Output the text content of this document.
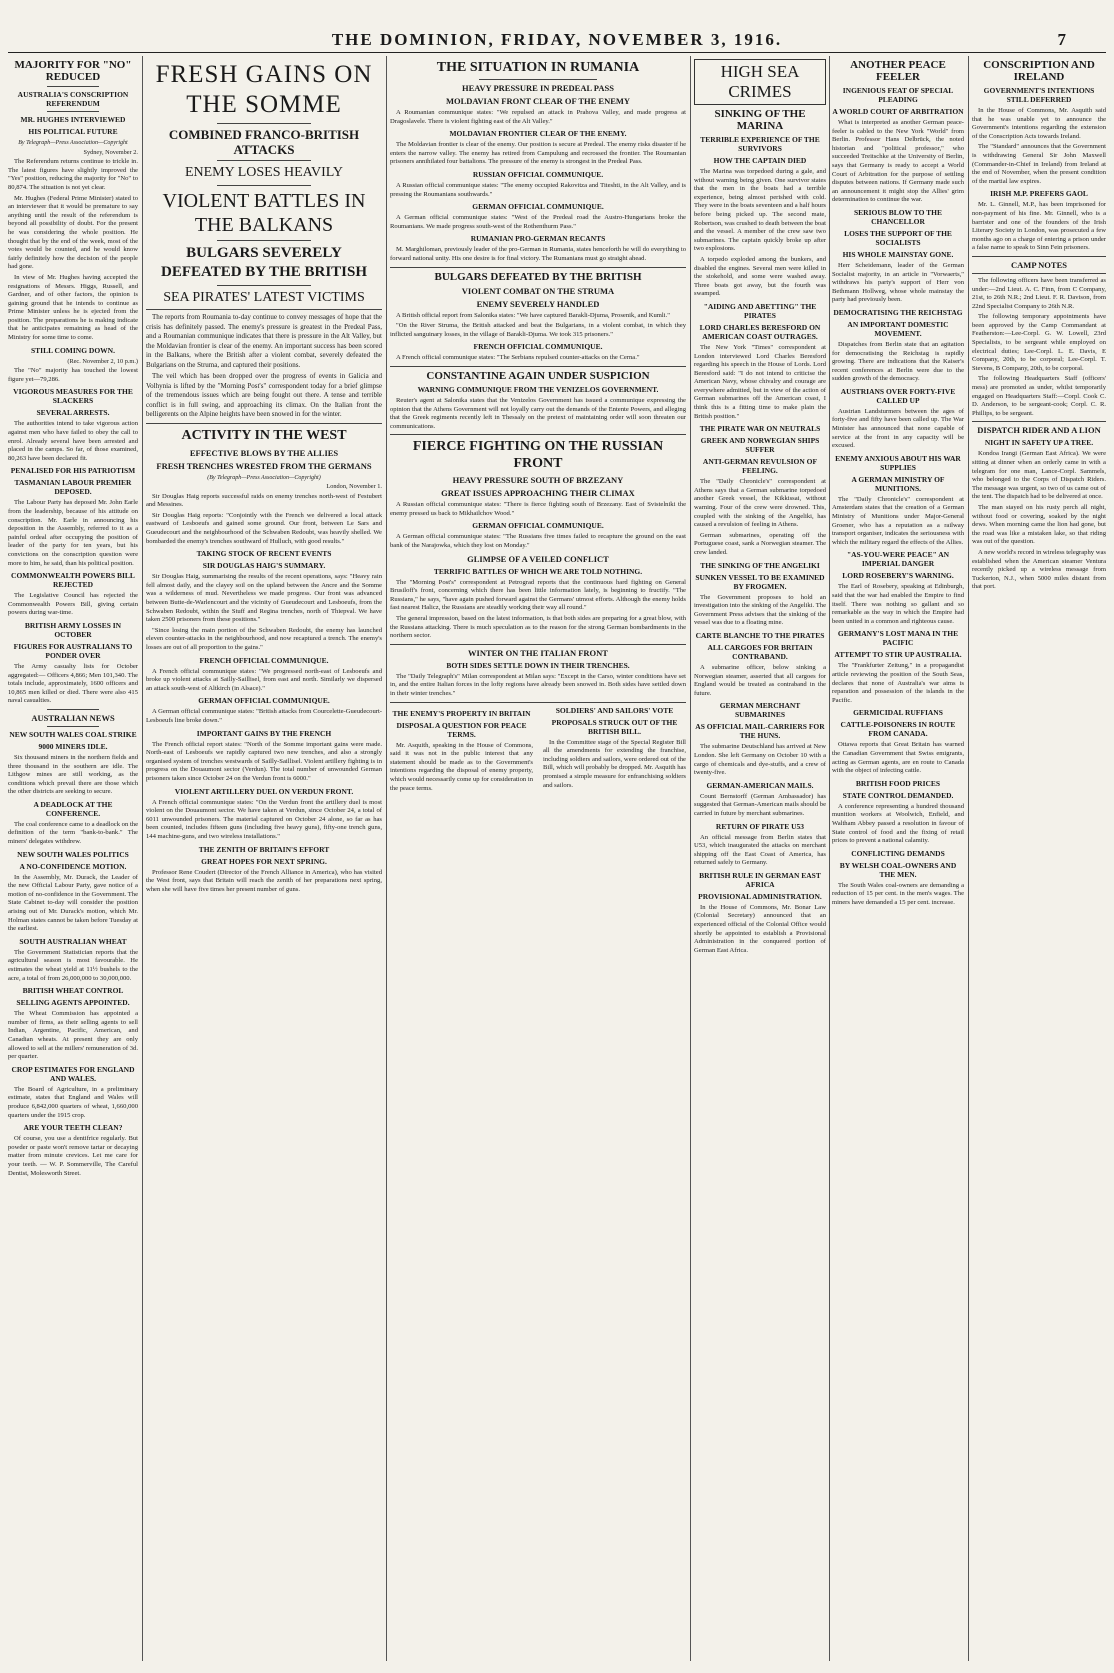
THE DOMINION, FRIDAY, NOVEMBER 3, 1916.	7
MAJORITY FOR "NO" REDUCED
AUSTRALIA'S CONSCRIPTION REFERENDUM
MR. HUGHES INTERVIEWED
HIS POLITICAL FUTURE
By Telegraph—Press Association—Copyright
Sydney, November 2.

The Referendum returns continue to trickle in. The latest figures have slightly improved the "Yes" position, reducing the majority for "No" to 80,874. The situation is not yet clear.

Mr. Hughes (Federal Prime Minister) stated to an interviewer that it would be premature to say anything until the result of the referendum is beyond all possibility of doubt. For the present he was considering the whole position. He thought that by the end of the week, most of the votes would be counted, and he would know fairly definitely how the decision of the people had gone.

In view of Mr. Hughes having accepted the resignations of Messrs. Higgs, Russell, and Gardner, and of other factors, the opinion is gaining ground that he intends to continue as Prime Minister unless he is ejected from the position. The preparations he is making indicate that he anticipates remaining as head of the Ministry for some time to come.

STILL COMING DOWN.
(Rec. November 2, 10 p.m.)

The "No" majority has touched the lowest figure yet—79,286.

VIGOROUS MEASURES FOR THE SLACKERS
SEVERAL ARRESTS.

The authorities intend to take vigorous action against men who have failed to obey the call to enrol. Already several have been arrested and placed in the camps. So far, of those examined, 80,263 have been declared fit.

PENALISED FOR HIS PATRIOTISM
TASMANIAN LABOUR PREMIER DEPOSED.

The Labour Party has deposed Mr. John Earle from the leadership, because of his attitude on conscription. Mr. Earle in announcing his deposition in the Assembly, referred to it as a painful ordeal after occupying the position of leader of the party for ten years, but his convictions on the conscription question were more to him, he said, than his political position.

COMMONWEALTH POWERS BILL REJECTED

The Legislative Council has rejected the Commonwealth Powers Bill, giving certain powers during war-time.

BRITISH ARMY LOSSES IN OCTOBER
FIGURES FOR AUSTRALIANS TO PONDER OVER

The Army casualty lists for October aggregated:— Officers 4,866; Men 101,340. The totals include, approximately, 1600 officers and 10,865 men killed or died. There were also 415 naval casualties.

AUSTRALIAN NEWS
NEW SOUTH WALES COAL STRIKE
9000 MINERS IDLE.

Six thousand miners in the northern fields and three thousand in the southern are idle. The Lithgow mines are still working, as the conditions which prevail there are those which the other districts are seeking to secure.

A DEADLOCK AT THE CONFERENCE.

The coal conference came to a deadlock on the definition of the term "bank-to-bank." The miners' delegates withdrew.

NEW SOUTH WALES POLITICS
A NO-CONFIDENCE MOTION.

In the Assembly, Mr. Durack, the Leader of the new Official Labour Party, gave notice of a motion of no-confidence in the Government. The State Cabinet to-day will consider the position arising out of Mr. Durack's motion, which Mr. Holman states cannot be taken before Tuesday at the earliest.

SOUTH AUSTRALIAN WHEAT

The Government Statistician reports that the agricultural season is most favourable. He estimates the wheat yield at 11½ bushels to the acre, a total of from 26,000,000 to 30,000,000.

BRITISH WHEAT CONTROL
SELLING AGENTS APPOINTED.

The Wheat Commission has appointed a number of firms, as their selling agents to sell Indian, Argentine, Pacific, American, and Canadian wheats. At present they are only allowed to sell at the millers' remuneration of 3d. per quarter.

CROP ESTIMATES FOR ENGLAND AND WALES.

The Board of Agriculture, in a preliminary estimate, states that England and Wales will produce 6,842,000 quarters of wheat, 1,660,000 quarters under the 1915 crop.

ARE YOUR TEETH CLEAN?

Of course, you use a dentifrice regularly. But powder or paste won't remove tartar or decaying matter from minute crevices. Let me care for your teeth. — W. P. Sommerville, The Careful Dentist, Molesworth Street.

FRESH GAINS ON THE SOMME
COMBINED FRANCO-BRITISH ATTACKS
ENEMY LOSES HEAVILY
VIOLENT BATTLES IN THE BALKANS
BULGARS SEVERELY DEFEATED BY THE BRITISH
SEA PIRATES' LATEST VICTIMS

The reports from Roumania to-day continue to convey messages of hope that the crisis has definitely passed. The enemy's pressure is greatest in the Predeal Pass, and a Roumanian communique indicates that there is pressure in the Alt Valley, but the Moldavian frontier is clear of the enemy. An important success has been scored in the Balkans, where the British after a violent combat, severely defeated the Bulgarians on the Struma, and captured their positions.

The veil which has been dropped over the progress of events in Galicia and Volhynia is lifted by the "Morning Post's" correspondent today for a brief glimpse of the tremendous issues which are being fought out there. A tense and terrible conflict is in full swing, and approaching its climax. On the Italian front the belligerents on the Alpine heights have been snowed in for the winter.

ACTIVITY IN THE WEST
EFFECTIVE BLOWS BY THE ALLIES
FRESH TRENCHES WRESTED FROM THE GERMANS
(By Telegraph—Press Association—Copyright)
London, November 1.

Sir Douglas Haig reports successful raids on enemy trenches north-west of Festubert and Messines.

Sir Douglas Haig reports: "Conjointly with the French we delivered a local attack eastward of Lesboeufs and gained some ground. Our front, between Le Sars and Gueudecourt and the neighbourhood of the Schwaben Redoubt, was heavily shelled. We bombarded the enemy's trenches southward of Hulluch, with good results."

TAKING STOCK OF RECENT EVENTS
SIR DOUGLAS HAIG'S SUMMARY.

Sir Douglas Haig, summarising the results of the recent operations, says: "Heavy rain fell almost daily, and the clayey soil on the upland between the Ancre and the Somme was a wilderness of mud. Nevertheless we made progress. Our front was advanced between Butte-de-Warlencourt and the vicinity of Gueudecourt and Lesboeufs, from the Schwaben Redoubt, within the Stuff and Regina trenches, north of Thiepval. We have taken 2500 prisoners from these positions."

"Since losing the main portion of the Schwaben Redoubt, the enemy has launched eleven counter-attacks in the neighbourhood, and now recaptured a trench. The enemy's losses are out of all proportion to the gains."

FRENCH OFFICIAL COMMUNIQUE.

A French official communique states: "We progressed north-east of Lesboeufs and broke up violent attacks at Sailly-Saillisel, from east and north. Similarly we dispersed an attack south-west of Altkirch (in Alsace)."

GERMAN OFFICIAL COMMUNIQUE.

A German official communique states: "British attacks from Courcelette-Gueudecourt-Lesboeufs line broke down."

IMPORTANT GAINS BY THE FRENCH

The French official report states: "North of the Somme important gains were made. North-east of Lesboeufs we rapidly captured two new trenches, and also a strongly organised system of trenches westwards of Sailly-Saillisel. Violent artillery fighting is in progress on the Douaumont sector (Verdun). The total number of unwounded German prisoners taken since October 24 on the Verdun front is 6000."

VIOLENT ARTILLERY DUEL ON VERDUN FRONT.

A French official communique states: "On the Verdun front the artillery duel is most violent on the Douaumont sector. We have taken at Verdun, since October 24, a total of 6011 unwounded prisoners. The material captured on October 24 alone, so far as has been counted, includes fifteen guns (including five heavy guns), fifty-one trench guns, 144 machine-guns, and two wireless installations."

THE ZENITH OF BRITAIN'S EFFORT
GREAT HOPES FOR NEXT SPRING.

Professor Rene Coudert (Director of the French Alliance in America), who has visited the West front, says that Britain will reach the zenith of her preparations next spring, when she will have five times her present number of guns.

THE SITUATION IN RUMANIA
HEAVY PRESSURE IN PREDEAL PASS
MOLDAVIAN FRONT CLEAR OF THE ENEMY

A Roumanian communique states: "We repulsed an attack in Prahova Valley, and made progress at Dragoslavele. There is violent fighting east of the Alt Valley."

MOLDAVIAN FRONTIER CLEAR OF THE ENEMY.

The Moldavian frontier is clear of the enemy. Our position is secure at Predeal. The enemy risks disaster if he enters the narrow valley. The enemy has retired from Campulung and recrossed the frontier. The Roumanian prisoners annihilated four battalions. The pressure of the enemy is strongest in the Predeal Pass.

RUSSIAN OFFICIAL COMMUNIQUE.

A Russian official communique states: "The enemy occupied Rakovitza and Titeshti, in the Alt Valley, and is pressing the Roumanians southwards."

GERMAN OFFICIAL COMMUNIQUE.

A German official communique states: "West of the Predeal road the Austro-Hungarians broke the Roumanians. We made progress south-west of the Rothenthurm Pass."

RUMANIAN PRO-GERMAN RECANTS

M. Marghiloman, previously leader of the pro-German in Rumania, states henceforth he will do everything to forward national unity. His one desire is for final victory. The Rumanians must go straight ahead.

BULGARS DEFEATED BY THE BRITISH
VIOLENT COMBAT ON THE STRUMA
ENEMY SEVERELY HANDLED

A British official report from Salonika states: "We have captured Barakli-Djuma, Prosenik, and Kumli."

"On the River Struma, the British attacked and beat the Bulgarians, in a violent combat, in which they inflicted sanguinary losses, in the village of Barakli-Djuma. We took 315 prisoners."

FRENCH OFFICIAL COMMUNIQUE.

A French official communique states: "The Serbians repulsed counter-attacks on the Cerna."

CONSTANTINE AGAIN UNDER SUSPICION
WARNING COMMUNIQUE FROM THE VENIZELOS GOVERNMENT.

Reuter's agent at Salonika states that the Venizelos Government has issued a communique expressing the opinion that the Athens Government will not loyally carry out the demands of the Entente Powers, and alleging that the Greek regiments recently left in Thessaly on the pretext of maintaining order will soon threaten our communications.

FIERCE FIGHTING ON THE RUSSIAN FRONT
HEAVY PRESSURE SOUTH OF BRZEZANY
GREAT ISSUES APPROACHING THEIR CLIMAX

A Russian official communique states: "There is fierce fighting south of Brzezany. East of Svistelniki the enemy pressed us back to Mikhailchov Wood."

GERMAN OFFICIAL COMMUNIQUE.

A German official communique states: "The Russians five times failed to recapture the ground on the east bank of the Narajowka, which they lost on Monday."

GLIMPSE OF A VEILED CONFLICT
TERRIFIC BATTLES OF WHICH WE ARE TOLD NOTHING.

The "Morning Post's" correspondent at Petrograd reports that the continuous hard fighting on General Brusiloff's front, concerning which there has been little information lately, is beginning to fructify. "The Russians," he says, "have again pushed forward against the Germans' utmost efforts. Although the enemy holds fast nearest Halicz, the Russians are steadily working their way all round."

The general impression, based on the latest information, is that both sides are preparing for a great blow, with the Russians attacking. There is much speculation as to the reason for the strong German bombardments in the northern sector.

WINTER ON THE ITALIAN FRONT
BOTH SIDES SETTLE DOWN IN THEIR TRENCHES.

The "Daily Telegraph's" Milan correspondent at Milan says: "Except in the Carso, winter conditions have set in, and the entire Italian forces in the lofty regions have already been snowed in. Both sides have settled down in their winter trenches."

THE ENEMY'S PROPERTY IN BRITAIN
DISPOSAL A QUESTION FOR PEACE TERMS.

Mr. Asquith, speaking in the House of Commons, said it was not in the public interest that any statement should be made as to the Government's intentions regarding the disposal of enemy property, which would necessarily come up for consideration in the peace terms.

SOLDIERS' AND SAILORS' VOTE
PROPOSALS STRUCK OUT OF THE BRITISH BILL.

In the Committee stage of the Special Register Bill all the amendments for extending the franchise, including soldiers and sailors, were ordered out of the Bill, which will probably be dropped. Mr. Asquith has promised a simple measure for enfranchising soldiers and sailors.

HIGH SEA CRIMES
SINKING OF THE MARINA
TERRIBLE EXPERIENCE OF THE SURVIVORS
HOW THE CAPTAIN DIED

The Marina was torpedoed during a gale, and without warning being given. One survivor states that the men in the boats had a terrible experience, being almost perished with cold. They were in the boats seventeen and a half hours before being picked up. The second mate, Robertson, was crushed to death between the boat and the vessel. A member of the crew saw two submarines. The captain quickly broke up after two explosions.

A torpedo exploded among the bunkers, and disabled the engines. Several men were killed in the stokehold, and some were washed away. Three boats got away, but the fourth was swamped.

"AIDING AND ABETTING" THE PIRATES
LORD CHARLES BERESFORD ON AMERICAN COAST OUTRAGES.

The New York "Times" correspondent at London interviewed Lord Charles Beresford regarding his speech in the House of Lords. Lord Beresford said: "I do not intend to criticise the American Navy, whose chivalry and courage are everywhere admitted, but in view of the action of German submarines off the American coast, I think this is a fitting time to make plain the British position."

THE PIRATE WAR ON NEUTRALS
GREEK AND NORWEGIAN SHIPS SUFFER
ANTI-GERMAN REVULSION OF FEELING.

The "Daily Chronicle's" correspondent at Athens says that a German submarine torpedoed another Greek vessel, the Kikkissai, without warning. Four of the crew were drowned. This, coupled with the sinking of the Angeliki, has caused a revulsion of feeling in Athens.

German submarines, operating off the Portuguese coast, sank a Norwegian steamer. The crew landed.

THE SINKING OF THE ANGELIKI
SUNKEN VESSEL TO BE EXAMINED BY FROGMEN.

The Government proposes to hold an investigation into the sinking of the Angeliki. The Government Press advises that the sinking of the vessel was due to a floating mine.

CARTE BLANCHE TO THE PIRATES
ALL CARGOES FOR BRITAIN CONTRABAND.

A submarine officer, below sinking a Norwegian steamer, asserted that all cargoes for England would be treated as contraband in the future.

GERMAN MERCHANT SUBMARINES
AS OFFICIAL MAIL-CARRIERS FOR THE HUNS.

The submarine Deutschland has arrived at New London. She left Germany on October 10 with a cargo of chemicals and dye-stuffs, and a crew of twenty-five.

GERMAN-AMERICAN MAILS.

Count Bernstorff (German Ambassador) has suggested that German-American mails should be carried in future by merchant submarines.

RETURN OF PIRATE U53

An official message from Berlin states that U53, which inaugurated the attacks on merchant shipping off the East Coast of America, has returned safely to Germany.

BRITISH RULE IN GERMAN EAST AFRICA
PROVISIONAL ADMINISTRATION.

In the House of Commons, Mr. Bonar Law (Colonial Secretary) announced that an experienced official of the Colonial Office would shortly be appointed to establish a Provisional Administration in the conquered portion of German East Africa.

ANOTHER PEACE FEELER
INGENIOUS FEAT OF SPECIAL PLEADING
A WORLD COURT OF ARBITRATION

What is interpreted as another German peace-feeler is cabled to the New York "World" from Berlin. Professor Hans Delbrück, the noted historian and "political professor," who succeeded Treitschke at the University of Berlin, says that Germany is ready to accept a World Court of Arbitration for the purpose of settling disputes between nations. If Germany made such an announcement it might stop the Allies' grim determination to continue the war.

SERIOUS BLOW TO THE CHANCELLOR
LOSES THE SUPPORT OF THE SOCIALISTS
HIS WHOLE MAINSTAY GONE.

Herr Scheidemann, leader of the German Socialist majority, in an article in "Vorwaerts," withdraws his party's support of Herr von Bethmann Hollweg, whose whole mainstay the party had previously been.

DEMOCRATISING THE REICHSTAG
AN IMPORTANT DOMESTIC MOVEMENT.

Dispatches from Berlin state that an agitation for democratising the Reichstag is rapidly growing. There are indications that the Kaiser's recent conferences at Berlin were due to the sudden growth of the democracy.

AUSTRIANS OVER FORTY-FIVE CALLED UP

Austrian Landsturmers between the ages of forty-five and fifty have been called up. The War Minister has announced that none capable of service at the front in any capacity will be excused.

ENEMY ANXIOUS ABOUT HIS WAR SUPPLIES
A GERMAN MINISTRY OF MUNITIONS.

The "Daily Chronicle's" correspondent at Amsterdam states that the creation of a German Ministry of Munitions under Major-General Groener, who has a reputation as a railway transport organiser, indicates the seriousness with which the military regard the effects of the Allies.

"AS-YOU-WERE PEACE" AN IMPERIAL DANGER
LORD ROSEBERY'S WARNING.

The Earl of Rosebery, speaking at Edinburgh, said that the war had enabled the Empire to find itself. There was nothing so gallant and so remarkable as the way in which the Empire had been united in a common and righteous cause.

GERMANY'S LOST MANA IN THE PACIFIC
ATTEMPT TO STIR UP AUSTRALIA.

The "Frankfurter Zeitung," in a propagandist article reviewing the position of the South Seas, declares that none of Australia's war aims is reparation and possession of the islands in the Pacific.

GERMICIDAL RUFFIANS
CATTLE-POISONERS IN ROUTE FROM CANADA.

Ottawa reports that Great Britain has warned the Canadian Government that Swiss emigrants, acting as German agents, are en route to Canada with the object of infecting cattle.

BRITISH FOOD PRICES
STATE CONTROL DEMANDED.

A conference representing a hundred thousand munition workers at Woolwich, Enfield, and Waltham Abbey passed a resolution in favour of State control of food and the fixing of retail prices to prevent a national calamity.

CONFLICTING DEMANDS
BY WELSH COAL-OWNERS AND THE MEN.

The South Wales coal-owners are demanding a reduction of 15 per cent. in the men's wages. The miners have demanded a 15 per cent. increase.

CONSCRIPTION AND IRELAND
GOVERNMENT'S INTENTIONS STILL DEFERRED

In the House of Commons, Mr. Asquith said that he was unable yet to announce the Government's intentions regarding the extension of the Conscription Acts towards Ireland.

The "Standard" announces that the Government is withdrawing General Sir John Maxwell (Commander-in-Chief in Ireland) from Ireland at the end of November, when the present condition of the martial law expires.

IRISH M.P. PREFERS GAOL

Mr. L. Ginnell, M.P., has been imprisoned for non-payment of his fine. Mr. Ginnell, who is a barrister and one of the founders of the Irish Literary Society in London, was prosecuted a few months ago on a charge of entering a prison under a false name to speak to Sinn Fein prisoners.

CAMP NOTES

The following officers have been transferred as under:—2nd Lieut. A. C. Finn, from C Company, 21st, to 26th N.R.; 2nd Lieut. F. R. Davison, from 22nd Specialist Company to 26th N.R.

The following temporary appointments have been approved by the Camp Commandant at Featherston:—Lee-Corpl. G. W. Lowell, 23rd Specialists, to be sergeant while employed on electrical duties; Lee-Corpl. L. E. Davis, E Company, 20th, to be corporal; Lee-Corpl. T. Stevens, B Company, 20th, to be corporal.

The following Headquarters Staff (officers' mess) are promoted as under, whilst temporarily engaged on Headquarters Staff:—Corpl. Cook C. D. Anderson, to be sergeant-cook; Corpl. C. R. Phillips, to be sergeant.

DISPATCH RIDER AND A LION
NIGHT IN SAFETY UP A TREE.

Kondoa Irangi (German East Africa). We were sitting at dinner when an orderly came in with a telegram for one man, Lance-Corpl. Sammels, who belonged to the Corps of Dispatch Riders. The message was urgent, so two of us came out of the tent. The dispatch had to be delivered at once.

The man stayed on his rusty perch all night, without food or covering, soaked by the night dews. When morning came the lion had gone, but the road was like a mistaken lake, so that riding was out of the question.

A new world's record in wireless telegraphy was established when the American steamer Ventura recently picked up a wireless message from Tuckerton, N.J., when 5000 miles distant from that port.
